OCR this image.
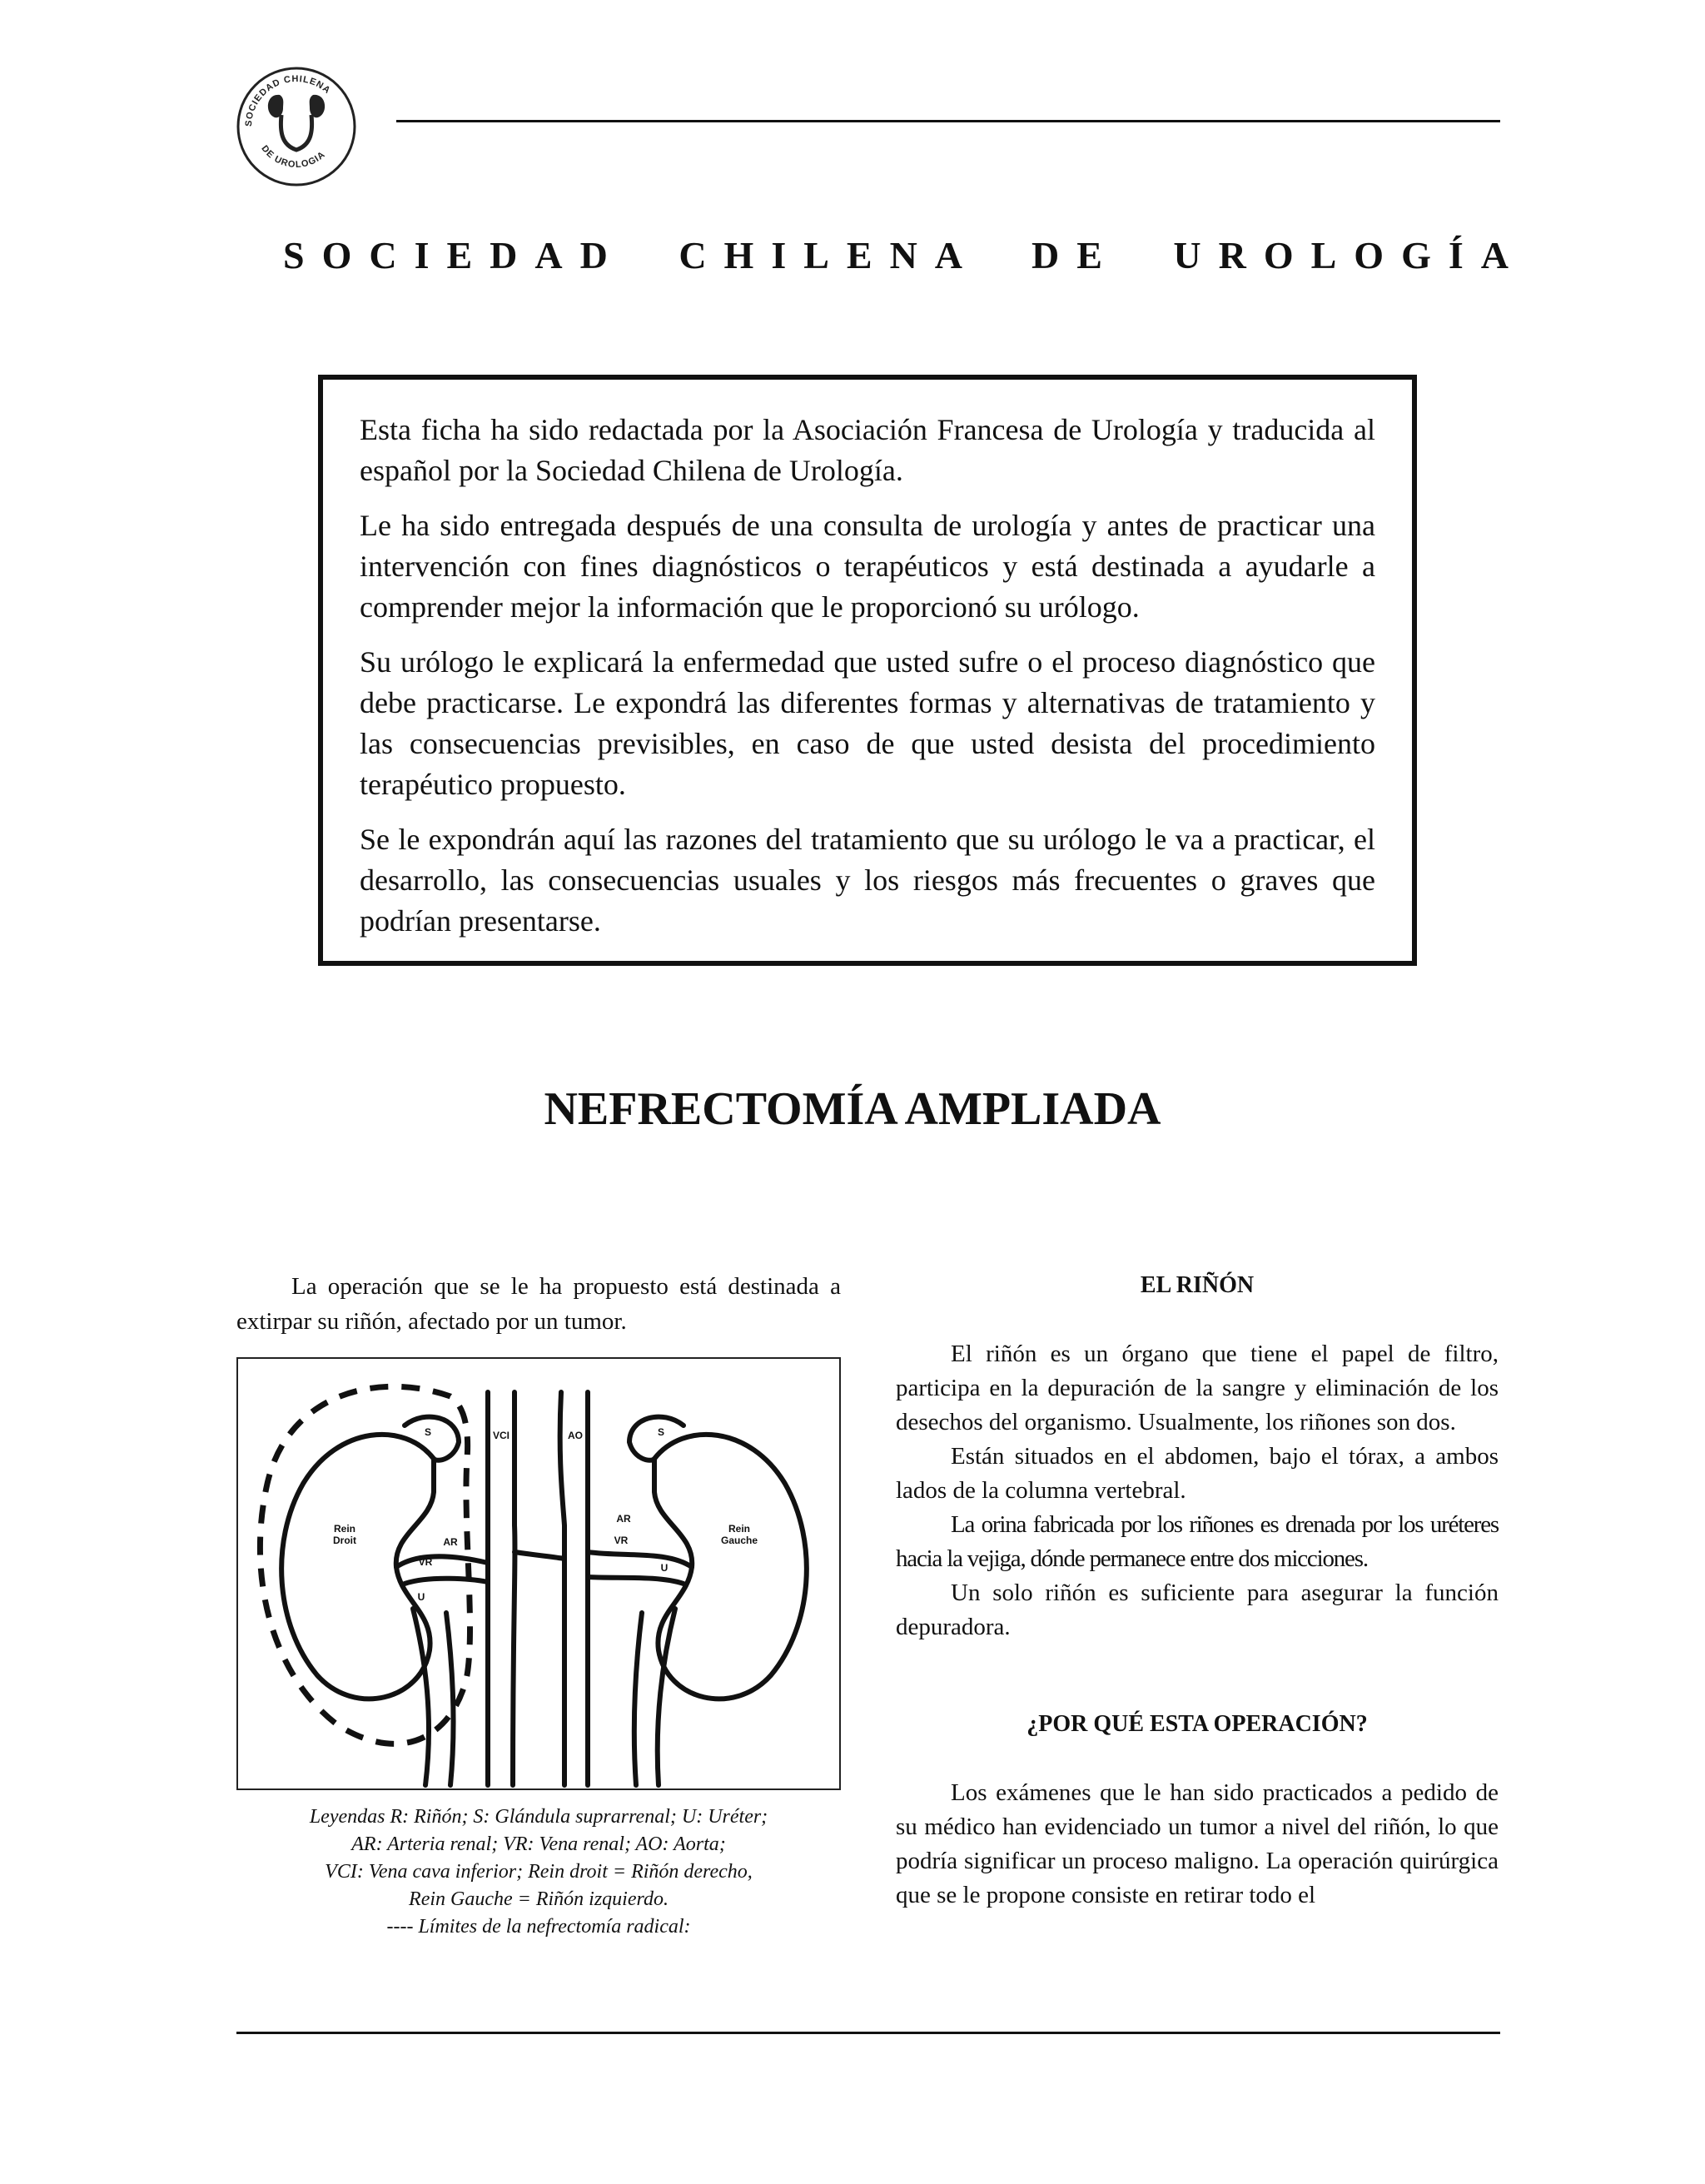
SOCIEDAD CHILENA
DE UROLOGIA
SOCIEDAD CHILENA DE UROLOGÍA

Esta ficha ha sido redactada por la Asociación Francesa de Urología y traducida al español por la Sociedad Chilena de Urología.

Le ha sido entregada después de una consulta de urología y antes de practicar una intervención con fines diagnósticos o terapéuticos y está destinada a ayudarle a comprender mejor la información que le proporcionó su urólogo.

Su urólogo le explicará la enfermedad que usted sufre o el proceso diagnóstico que debe practicarse. Le expondrá las diferentes formas y alternativas de tratamiento y las consecuencias previsibles, en caso de que usted desista del procedimiento terapéutico propuesto.

Se le expondrán aquí las razones del tratamiento que su urólogo le va a practicar, el desarrollo, las consecuencias usuales y los riesgos más frecuentes o graves que podrían presentarse.

NEFRECTOMÍA AMPLIADA

La operación que se le ha propuesto está destinada a extirpar su riñón, afectado por un tumor.

S	S
VCI	AO
Rein
Droit
Rein
Gauche
AR
VR
AR
VR
U
U
Leyendas R: Riñón; S: Glándula suprarrenal; U: Uréter;
AR: Arteria renal; VR: Vena renal; AO: Aorta;
VCI: Vena cava inferior; Rein droit = Riñón derecho,
Rein Gauche = Riñón izquierdo.
---- Límites de la nefrectomía radical:
EL RIÑÓN

El riñón es un órgano que tiene el papel de filtro, participa en la depuración de la sangre y eliminación de los desechos del organismo. Usualmente, los riñones son dos.

Están situados en el abdomen, bajo el tórax, a ambos lados de la columna vertebral.

La orina fabricada por los riñones es drenada por los uréteres hacia la vejiga, dónde permanece entre dos micciones.

Un solo riñón es suficiente para asegurar la función depuradora.

¿POR QUÉ ESTA OPERACIÓN?

Los exámenes que le han sido practicados a pedido de su médico han evidenciado un tumor a nivel del riñón, lo que podría significar un proceso maligno. La operación quirúrgica que se le propone consiste en retirar todo el
